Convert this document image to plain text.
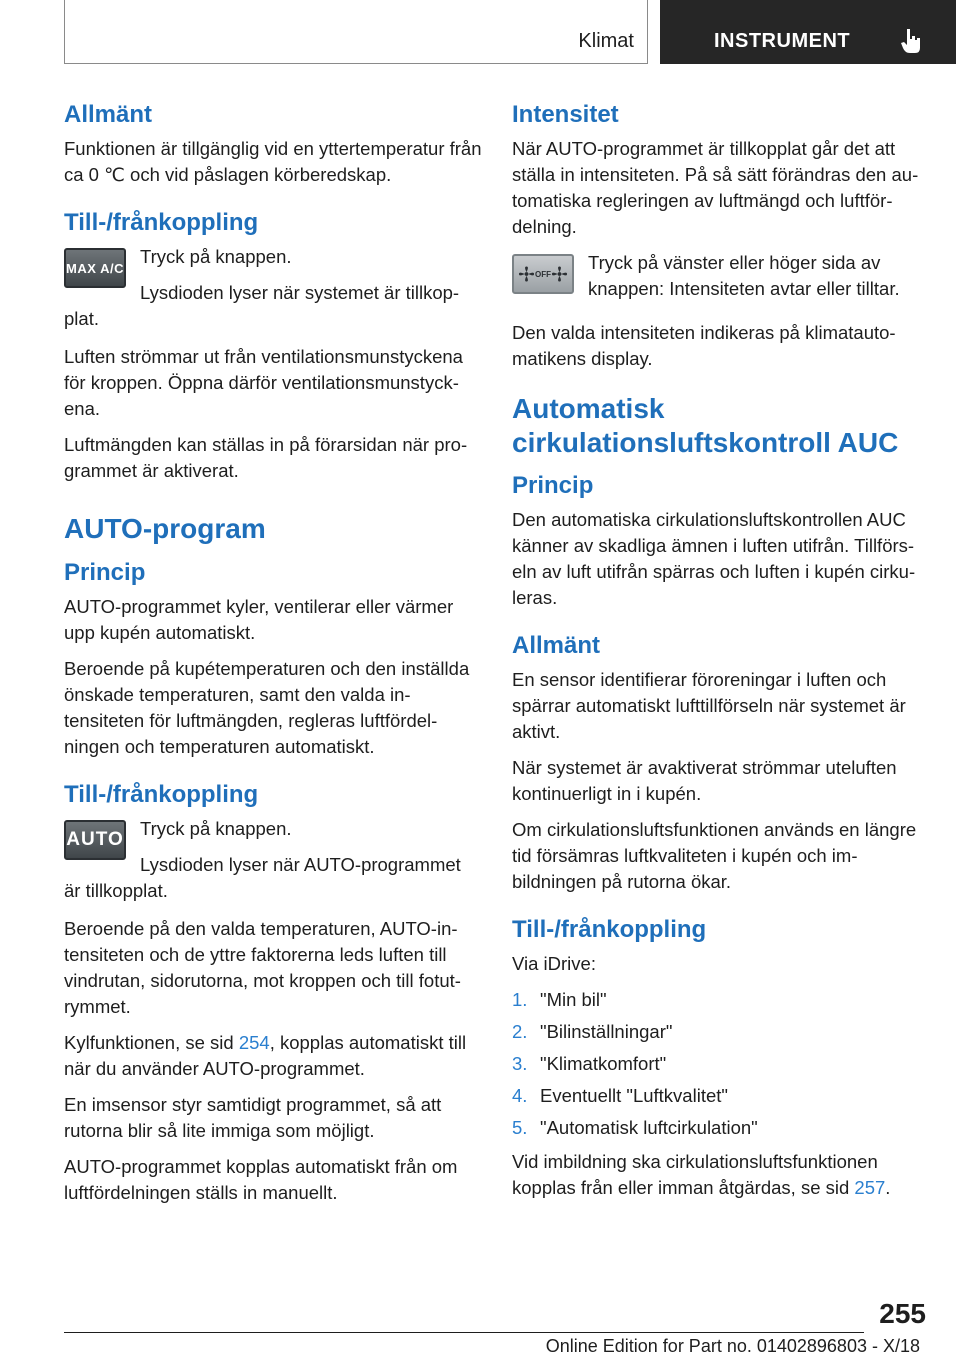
Klimat	INSTRUMENT
Allmänt

Funktionen är tillgänglig vid en yttertemperatur från ca 0 ℃ och vid påslagen körberedskap.

Till-/frånkoppling
MAX A/C

Tryck på knappen.

Lysdioden lyser när systemet är tillkopplat.

Luften strömmar ut från ventilationsmunstyckena för kroppen. Öppna därför ventilationsmunstyckena.

Luftmängden kan ställas in på förarsidan när programmet är aktiverat.

AUTO-program
Princip

AUTO-programmet kyler, ventilerar eller värmer upp kupén automatiskt.

Beroende på kupétemperaturen och den inställda önskade temperaturen, samt den valda intensiteten för luftmängden, regleras luftfördelningen och temperaturen automatiskt.

Till-/frånkoppling
AUTO

Tryck på knappen.

Lysdioden lyser när AUTO-programmet är tillkopplat.

Beroende på den valda temperaturen, AUTO-intensiteten och de yttre faktorerna leds luften till vindrutan, sidorutorna, mot kroppen och till fotutrymmet.

Kylfunktionen, se sid 254, kopplas automatiskt till när du använder AUTO-programmet.

En imsensor styr samtidigt programmet, så att rutorna blir så lite immiga som möjligt.

AUTO-programmet kopplas automatiskt från om luftfördelningen ställs in manuellt.

Intensitet

När AUTO-programmet är tillkopplat går det att ställa in intensiteten. På så sätt förändras den automatiska regleringen av luftmängd och luftfördelning.

OFF

Tryck på vänster eller höger sida av knappen: Intensiteten avtar eller tilltar.

Den valda intensiteten indikeras på klimatautomatikens display.

Automatisk cirkulationsluftskontroll AUC
Princip

Den automatiska cirkulationsluftskontrollen AUC känner av skadliga ämnen i luften utifrån. Tillförseln av luft utifrån spärras och luften i kupén cirkuleras.

Allmänt

En sensor identifierar föroreningar i luften och spärrar automatiskt lufttillförseln när systemet är aktivt.

När systemet är avaktiverat strömmar uteluften kontinuerligt in i kupén.

Om cirkulationsluftsfunktionen används en längre tid försämras luftkvaliteten i kupén och imbildningen på rutorna ökar.

Till-/frånkoppling

Via iDrive:

1. "Min bil"
2. "Bilinställningar"
3. "Klimatkomfort"
4. Eventuellt "Luftkvalitet"
5. "Automatisk luftcirkulation"

Vid imbildning ska cirkulationsluftsfunktionen kopplas från eller imman åtgärdas, se sid 257.

255
Online Edition for Part no. 01402896803 - X/18
